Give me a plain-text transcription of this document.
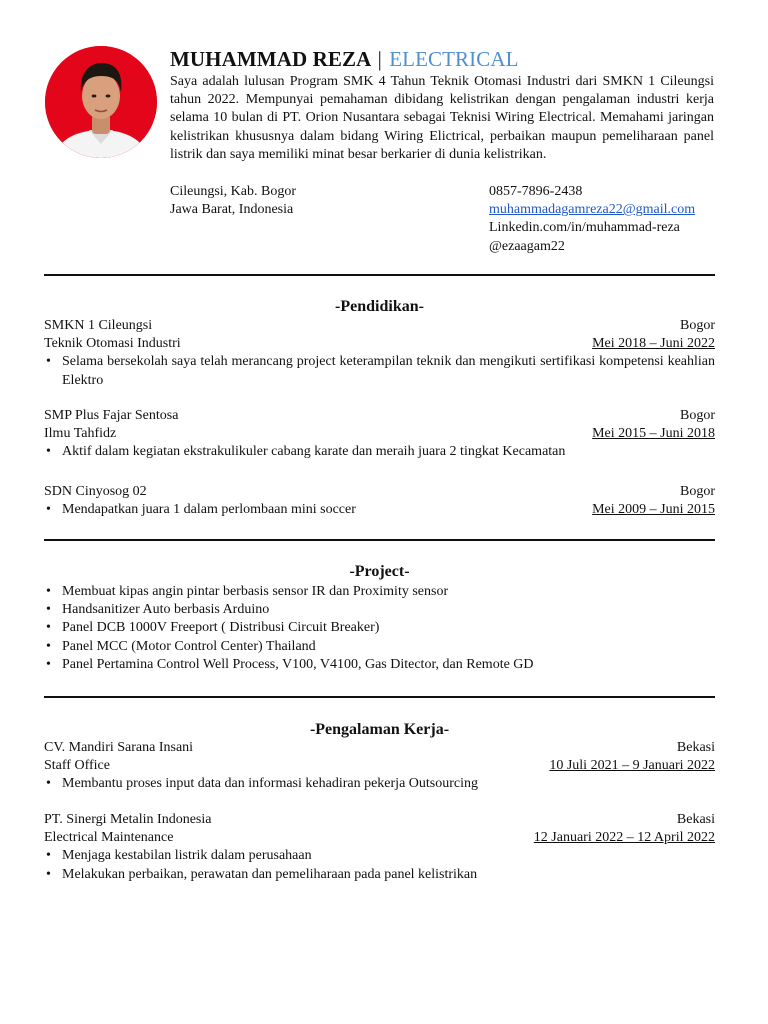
MUHAMMAD REZA | ELECTRICAL

Saya adalah lulusan Program SMK 4 Tahun Teknik Otomasi Industri dari SMKN 1 Cileungsi tahun 2022. Mempunyai pemahaman dibidang kelistrikan dengan pengalaman industri kerja selama 10 bulan di PT. Orion Nusantara sebagai Teknisi Wiring Electrical. Memahami jaringan kelistrikan khususnya dalam bidang Wiring Elictrical, perbaikan maupun pemeliharaan panel listrik dan saya memiliki minat besar berkarier di dunia kelistrikan.

Cileungsi, Kab. Bogor
Jawa Barat, Indonesia
0857-7896-2438
muhammadagamreza22@gmail.com
Linkedin.com/in/muhammad-reza
@ezaagam22
-Pendidikan-
SMKN 1 Cileungsi	Bogor
Teknik Otomasi Industri	Mei 2018 – Juni 2022
• Selama bersekolah saya telah merancang project keterampilan teknik dan mengikuti sertifikasi kompetensi keahlian Elektro
SMP Plus Fajar Sentosa	Bogor
Ilmu Tahfidz	Mei 2015 – Juni 2018
• Aktif dalam kegiatan ekstrakulikuler cabang karate dan meraih juara 2 tingkat Kecamatan
SDN Cinyosog 02	Bogor
• Mendapatkan juara 1 dalam perlombaan mini soccer	Mei 2009 – Juni 2015
-Project-
• Membuat kipas angin pintar berbasis sensor IR dan Proximity sensor
• Handsanitizer Auto berbasis Arduino
• Panel DCB 1000V Freeport ( Distribusi Circuit Breaker)
• Panel MCC (Motor Control Center) Thailand
• Panel Pertamina Control Well Process, V100, V4100, Gas Ditector, dan Remote GD
-Pengalaman Kerja-
CV. Mandiri Sarana Insani	Bekasi
Staff Office	10 Juli 2021 – 9 Januari 2022
• Membantu proses input data dan informasi kehadiran pekerja Outsourcing
PT. Sinergi Metalin Indonesia	Bekasi
Electrical Maintenance	12 Januari 2022 – 12 April 2022
• Menjaga kestabilan listrik dalam perusahaan
• Melakukan perbaikan, perawatan dan pemeliharaan pada panel kelistrikan
